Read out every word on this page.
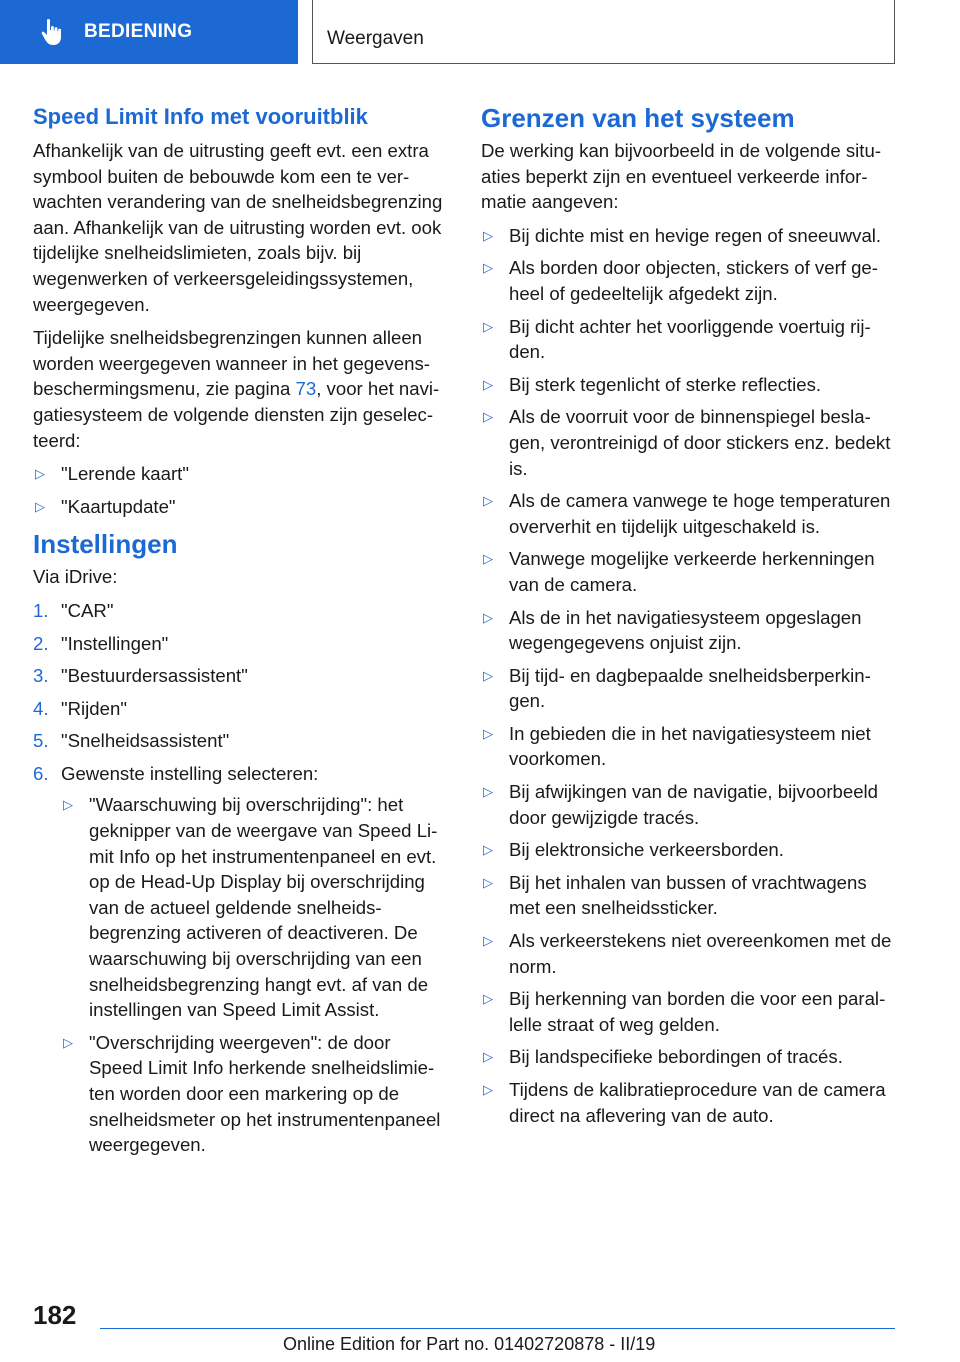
BEDIENING	Weergaven
Speed Limit Info met vooruitblik

Afhankelijk van de uitrusting geeft evt. een extra symbool buiten de bebouwde kom een te verwachten verandering van de snelheidsbegrenzing aan. Afhankelijk van de uitrusting worden evt. ook tijdelijke snelheidslimieten, zoals bijv. bij wegenwerken of verkeersgeleidingssystemen, weergegeven.

Tijdelijke snelheidsbegrenzingen kunnen alleen worden weergegeven wanneer in het gegevensbeschermingsmenu, zie pagina 73, voor het navigatiesysteem de volgende diensten zijn geselecteerd:

▷ "Lerende kaart"
▷ "Kaartupdate"
Instellingen

Via iDrive:

1. "CAR"
2. "Instellingen"
3. "Bestuurdersassistent"
4. "Rijden"
5. "Snelheidsassistent"
6. Gewenste instelling selecteren:
▷ "Waarschuwing bij overschrijding": het geknipper van de weergave van Speed Limit Info op het instrumentenpaneel en evt. op de Head-Up Display bij overschrijding van de actueel geldende snelheidsbegrenzing activeren of deactiveren. De waarschuwing bij overschrijding van een snelheidsbegrenzing hangt evt. af van de instellingen van Speed Limit Assist.
▷ "Overschrijding weergeven": de door Speed Limit Info herkende snelheidslimieten worden door een markering op de snelheidsmeter op het instrumentenpaneel weergegeven.
Grenzen van het systeem

De werking kan bijvoorbeeld in de volgende situaties beperkt zijn en eventueel verkeerde informatie aangeven:

▷ Bij dichte mist en hevige regen of sneeuwval.
▷ Als borden door objecten, stickers of verf geheel of gedeeltelijk afgedekt zijn.
▷ Bij dicht achter het voorliggende voertuig rijden.
▷ Bij sterk tegenlicht of sterke reflecties.
▷ Als de voorruit voor de binnenspiegel beslagen, verontreinigd of door stickers enz. bedekt is.
▷ Als de camera vanwege te hoge temperaturen oververhit en tijdelijk uitgeschakeld is.
▷ Vanwege mogelijke verkeerde herkenningen van de camera.
▷ Als de in het navigatiesysteem opgeslagen wegengegevens onjuist zijn.
▷ Bij tijd- en dagbepaalde snelheidsberperkingen.
▷ In gebieden die in het navigatiesysteem niet voorkomen.
▷ Bij afwijkingen van de navigatie, bijvoorbeeld door gewijzigde tracés.
▷ Bij elektronsiche verkeersborden.
▷ Bij het inhalen van bussen of vrachtwagens met een snelheidssticker.
▷ Als verkeerstekens niet overeenkomen met de norm.
▷ Bij herkenning van borden die voor een parallelle straat of weg gelden.
▷ Bij landspecifieke bebordingen of tracés.
▷ Tijdens de kalibratieprocedure van de camera direct na aflevering van de auto.
182
Online Edition for Part no. 01402720878 - II/19
